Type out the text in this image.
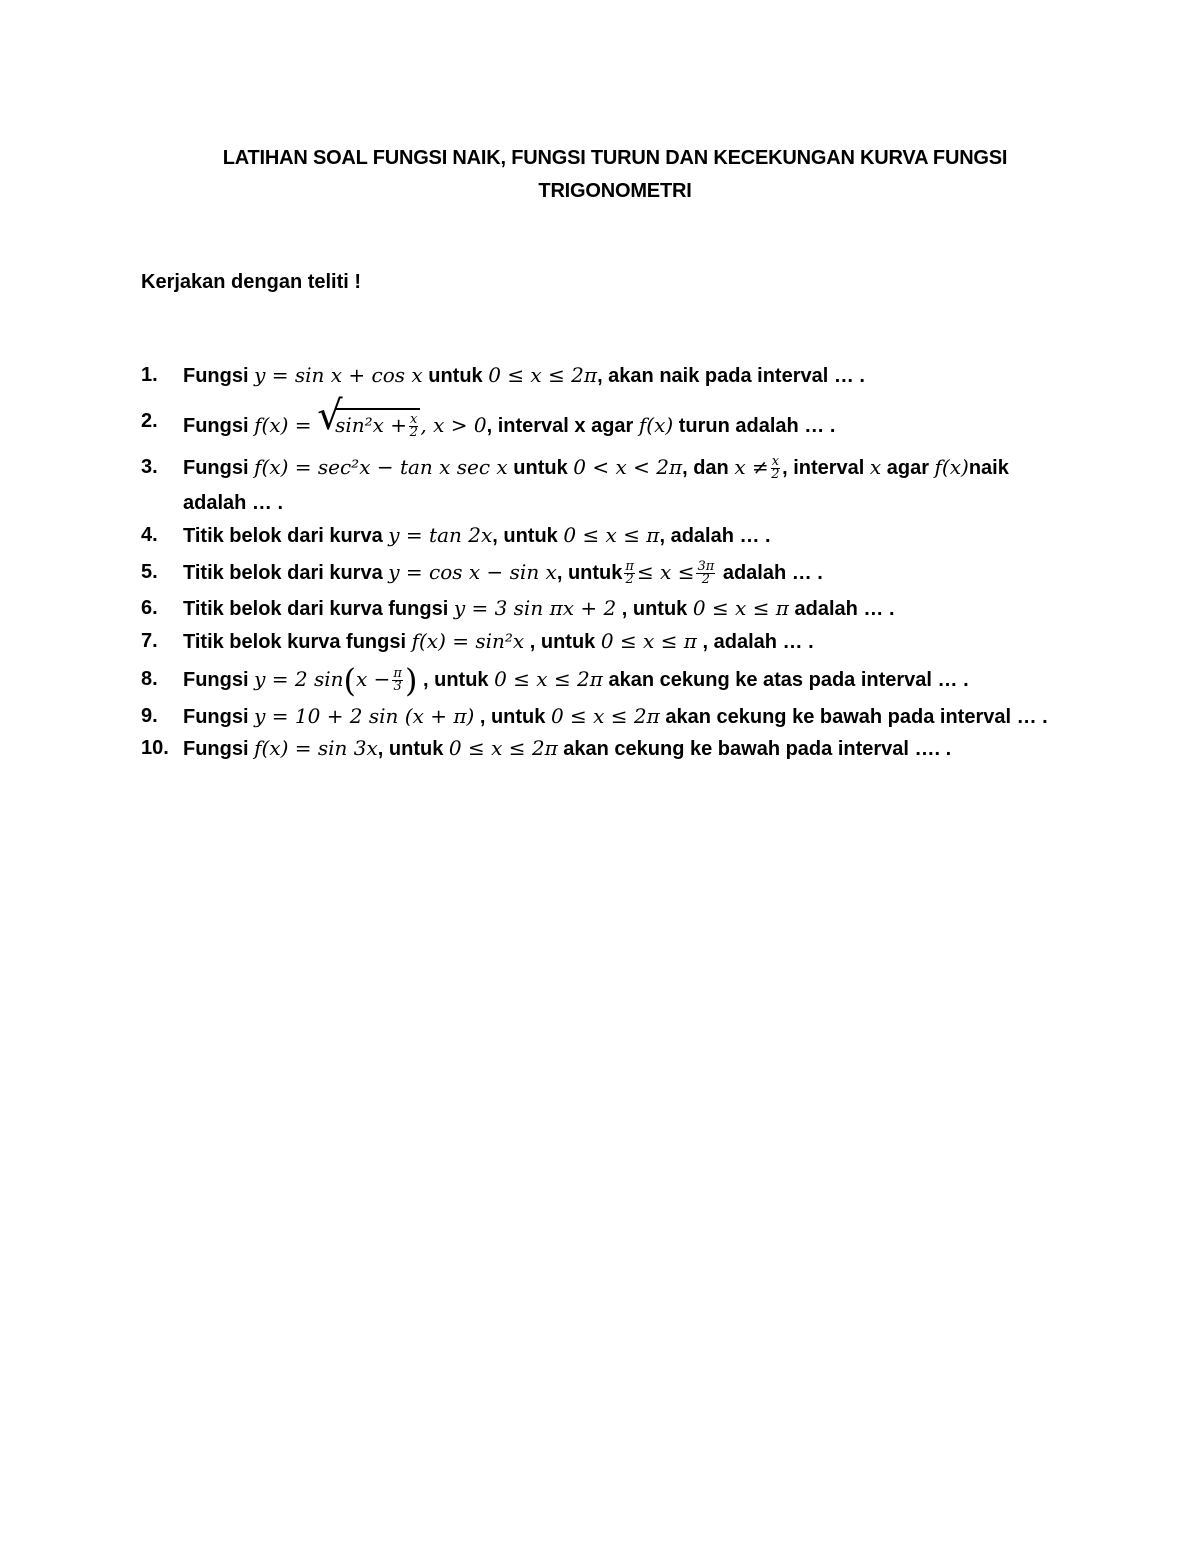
LATIHAN SOAL FUNGSI NAIK, FUNGSI TURUN DAN KECEKUNGAN KURVA FUNGSI
TRIGONOMETRI
Kerjakan dengan teliti !
1.	Fungsi y = sin x + cos x untuk 0 ≤ x ≤ 2π, akan naik pada interval … .
2.	Fungsi f(x) = √
$\sin^2x + \frac{x}{2}$ , x > 0, interval x agar f(x) turun adalah … .
3.	Fungsi f(x) = sec²x − tan x sec x untuk 0 < x < 2π, dan $x \ne \frac{x}{2}$ , interval x agar f(x)naik
adalah … .
4.	Titik belok dari kurva y = tan 2x, untuk 0 ≤ x ≤ π, adalah … .
5.	Titik belok dari kurva y = cos x − sin x, untuk $\frac{\pi}{2} \le x \le \frac{3\pi}{2}$ adalah … .
6.	Titik belok dari kurva fungsi y = 3 sin πx + 2 , untuk 0 ≤ x ≤ π adalah … .
7.	Titik belok kurva fungsi f(x) = sin²x , untuk 0 ≤ x ≤ π , adalah … .
8.	Fungsi y = 2 $\sin(x - \frac{\pi}{3}$ ) , untuk 0 ≤ x ≤ 2π akan cekung ke atas pada interval … .
9.	Fungsi y = 10 + 2 sin (x + π) , untuk 0 ≤ x ≤ 2π akan cekung ke bawah pada interval … .
10. Fungsi f(x) = sin 3x, untuk 0 ≤ x ≤ 2π akan cekung ke bawah pada interval …. .
